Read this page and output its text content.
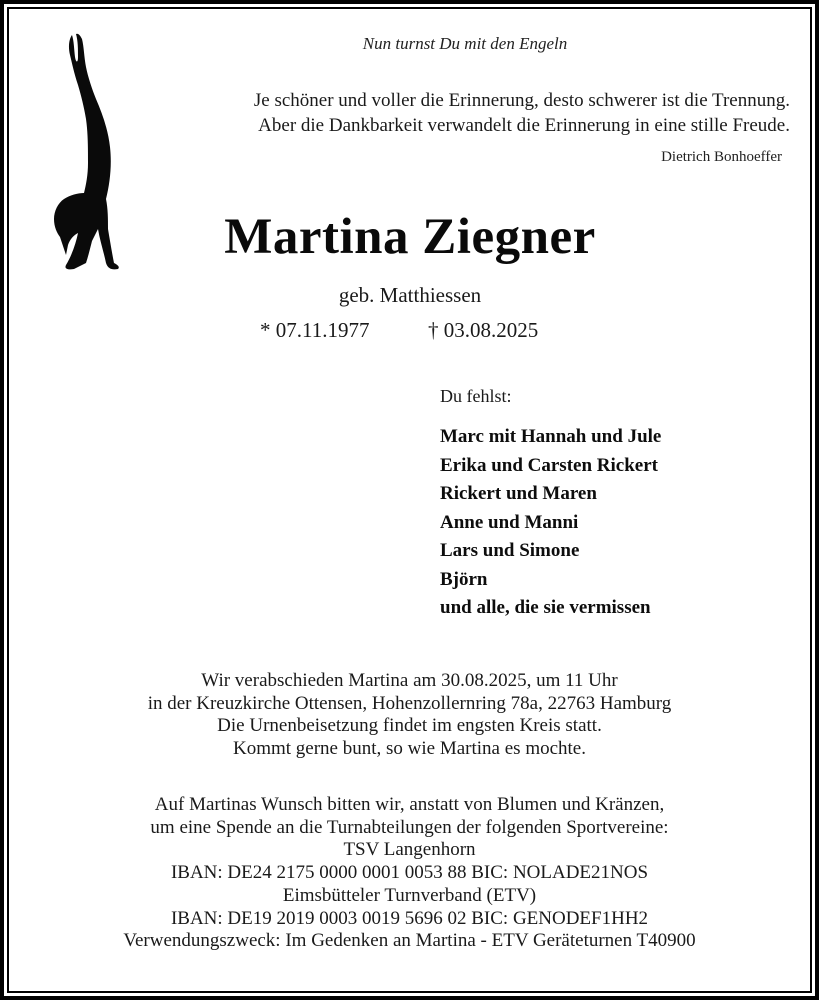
Nun turnst Du mit den Engeln
Je schöner und voller die Erinnerung, desto schwerer ist die Trennung.
Aber die Dankbarkeit verwandelt die Erinnerung in eine stille Freude.
Dietrich Bonhoeffer
Martina Ziegner
geb. Matthiessen
* 07.11.1977	† 03.08.2025
Du fehlst:
Marc mit Hannah und Jule
Erika und Carsten Rickert
Rickert und Maren
Anne und Manni
Lars und Simone
Björn
und alle, die sie vermissen
Wir verabschieden Martina am 30.08.2025, um 11 Uhr
in der Kreuzkirche Ottensen, Hohenzollernring 78a, 22763 Hamburg
Die Urnenbeisetzung findet im engsten Kreis statt.
Kommt gerne bunt, so wie Martina es mochte.
Auf Martinas Wunsch bitten wir, anstatt von Blumen und Kränzen,
um eine Spende an die Turnabteilungen der folgenden Sportvereine:
TSV Langenhorn
IBAN: DE24 2175 0000 0001 0053 88 BIC: NOLADE21NOS
Eimsbütteler Turnverband (ETV)
IBAN: DE19 2019 0003 0019 5696 02 BIC: GENODEF1HH2
Verwendungszweck: Im Gedenken an Martina - ETV Geräteturnen T40900
